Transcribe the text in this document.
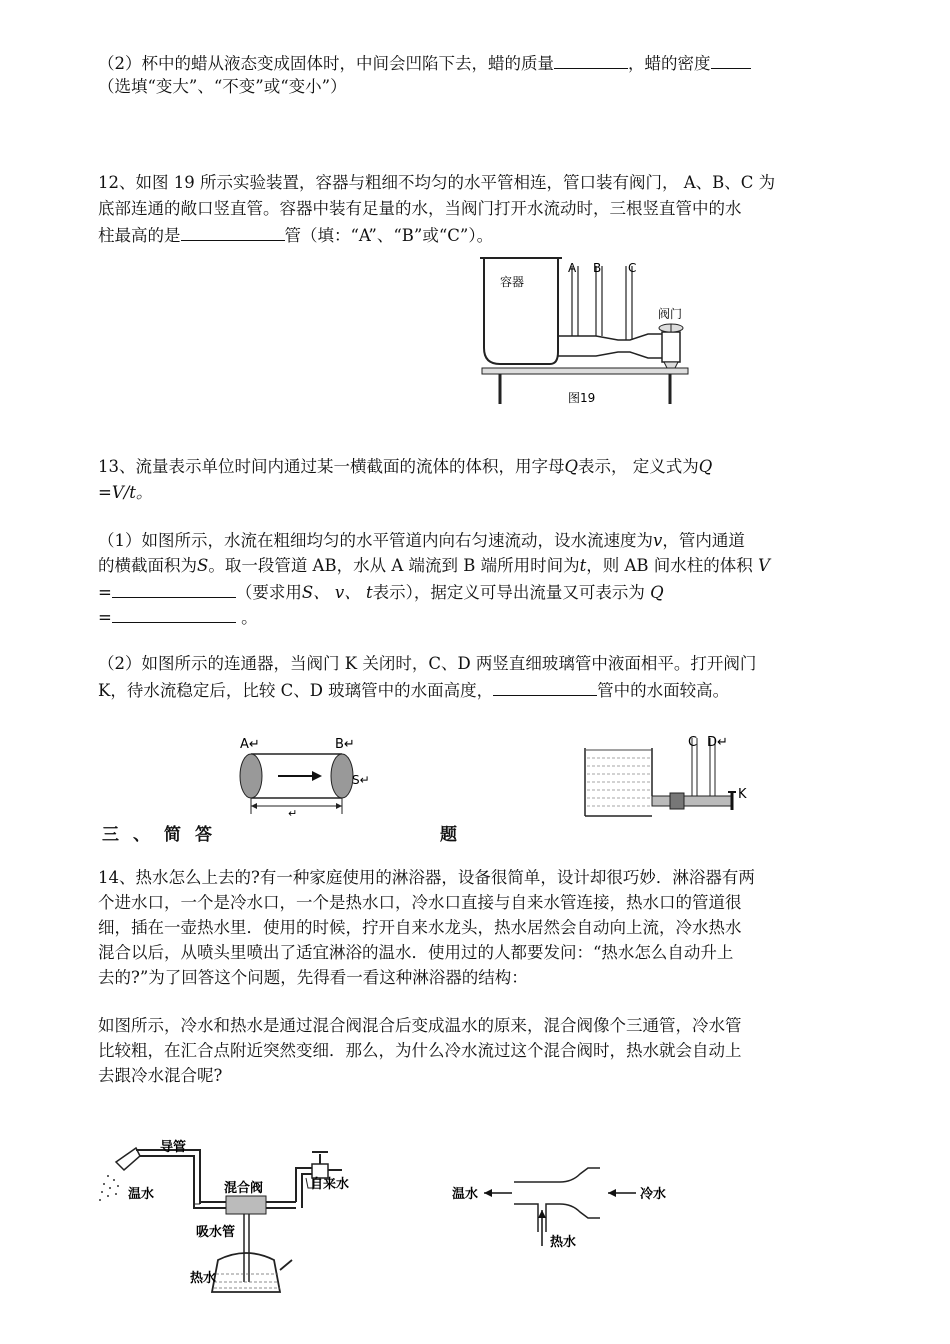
（2）杯中的蜡从液态变成固体时，中间会凹陷下去，蜡的质量	，蜡的密度
（选填“变大”、“不变”或“变小”）
12、如图 19 所示实验装置，容器与粗细不均匀的水平管相连，管口装有阀门， A、B、C 为
底部连通的敞口竖直管。容器中装有足量的水，当阀门打开水流动时，三根竖直管中的水
柱最高的是	管（填：“A”、“B”或“C”）。
容器
A B C
阀门
图19
13、流量表示单位时间内通过某一横截面的流体的体积，用字母Q表示， 定义式为Q
=V/t。
（1）如图所示，水流在粗细均匀的水平管道内向右匀速流动，设水流速度为v，管内通道
的横截面积为S。取一段管道 AB，水从 A 端流到 B 端所用时间为t，则 AB 间水柱的体积 V
=	（要求用S、 v、 t表示），据定义可导出流量又可表示为 Q
=	。
（2）如图所示的连通器，当阀门 K 关闭时，C、D 两竖直细玻璃管中液面相平。打开阀门
K，待水流稳定后，比较 C、D 玻璃管中的水面高度，	管中的水面较高。
A↵	B↵
S↵
↵
C D↵
K
三 、 简 答	题
14、热水怎么上去的?有一种家庭使用的淋浴器，设备很简单，设计却很巧妙．淋浴器有两
个进水口，一个是冷水口，一个是热水口，冷水口直接与自来水管连接，热水口的管道很
细，插在一壶热水里．使用的时候，拧开自来水龙头，热水居然会自动向上流，冷水热水
混合以后，从喷头里喷出了适宜淋浴的温水．使用过的人都要发问：“热水怎么自动升上
去的?”为了回答这个问题，先得看一看这种淋浴器的结构：
如图所示，冷水和热水是通过混合阀混合后变成温水的原来，混合阀像个三通管，冷水管
比较粗，在汇合点附近突然变细．那么，为什么冷水流过这个混合阀时，热水就会自动上
去跟冷水混合呢?
导管
温水	混合阀	自来水
吸水管
热水
温水	冷水
热水
